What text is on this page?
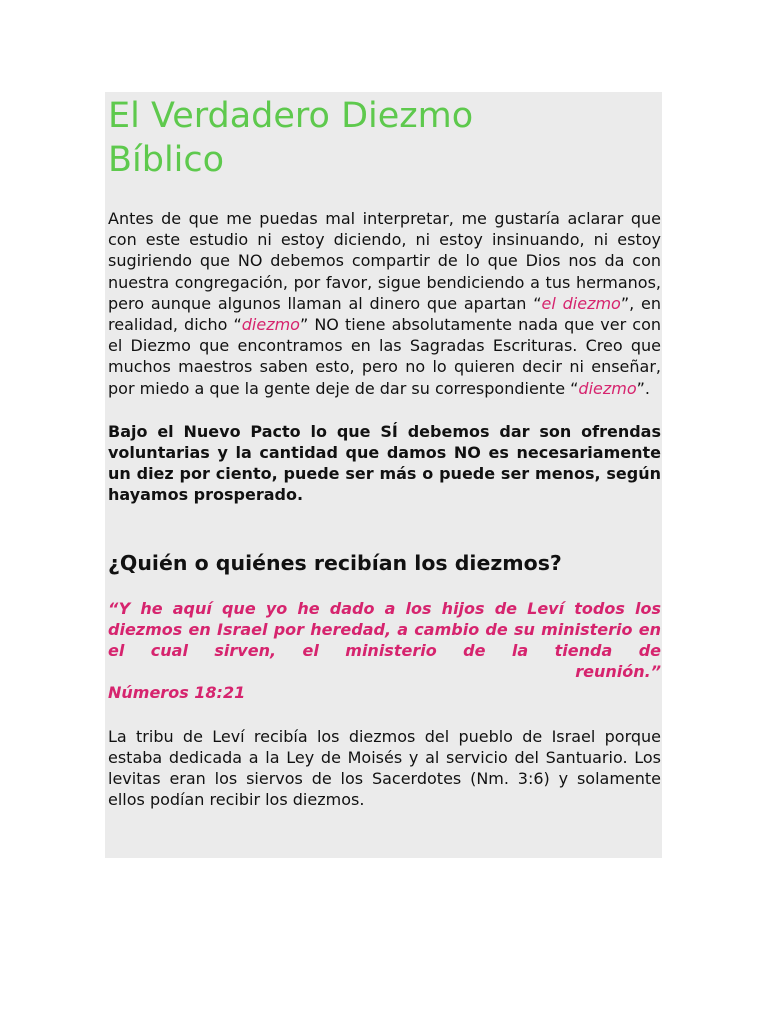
El Verdadero Diezmo
Bíblico

Antes de que me puedas mal interpretar, me gustaría aclarar que con este estudio ni estoy diciendo, ni estoy insinuando, ni estoy sugiriendo que NO debemos compartir de lo que Dios nos da con nuestra congregación, por favor, sigue bendiciendo a tus hermanos, pero aunque algunos llaman al dinero que apartan “el diezmo”, en realidad, dicho “diezmo” NO tiene absolutamente nada que ver con el Diezmo que encontramos en las Sagradas Escrituras. Creo que muchos maestros saben esto, pero no lo quieren decir ni enseñar, por miedo a que la gente deje de dar su correspondiente “diezmo”.

Bajo el Nuevo Pacto lo que SÍ debemos dar son ofrendas voluntarias y la cantidad que damos NO es necesariamente un diez por ciento, puede ser más o puede ser menos, según hayamos prosperado.

¿Quién o quiénes recibían los diezmos?

“Y he aquí que yo he dado a los hijos de Leví todos los diezmos en Israel por heredad, a cambio de su ministerio en el cual sirven, el ministerio de la tienda de
reunión.”
Números 18:21

La tribu de Leví recibía los diezmos del pueblo de Israel porque estaba dedicada a la Ley de Moisés y al servicio del Santuario. Los levitas eran los siervos de los Sacerdotes (Nm. 3:6) y solamente ellos podían recibir los diezmos.
